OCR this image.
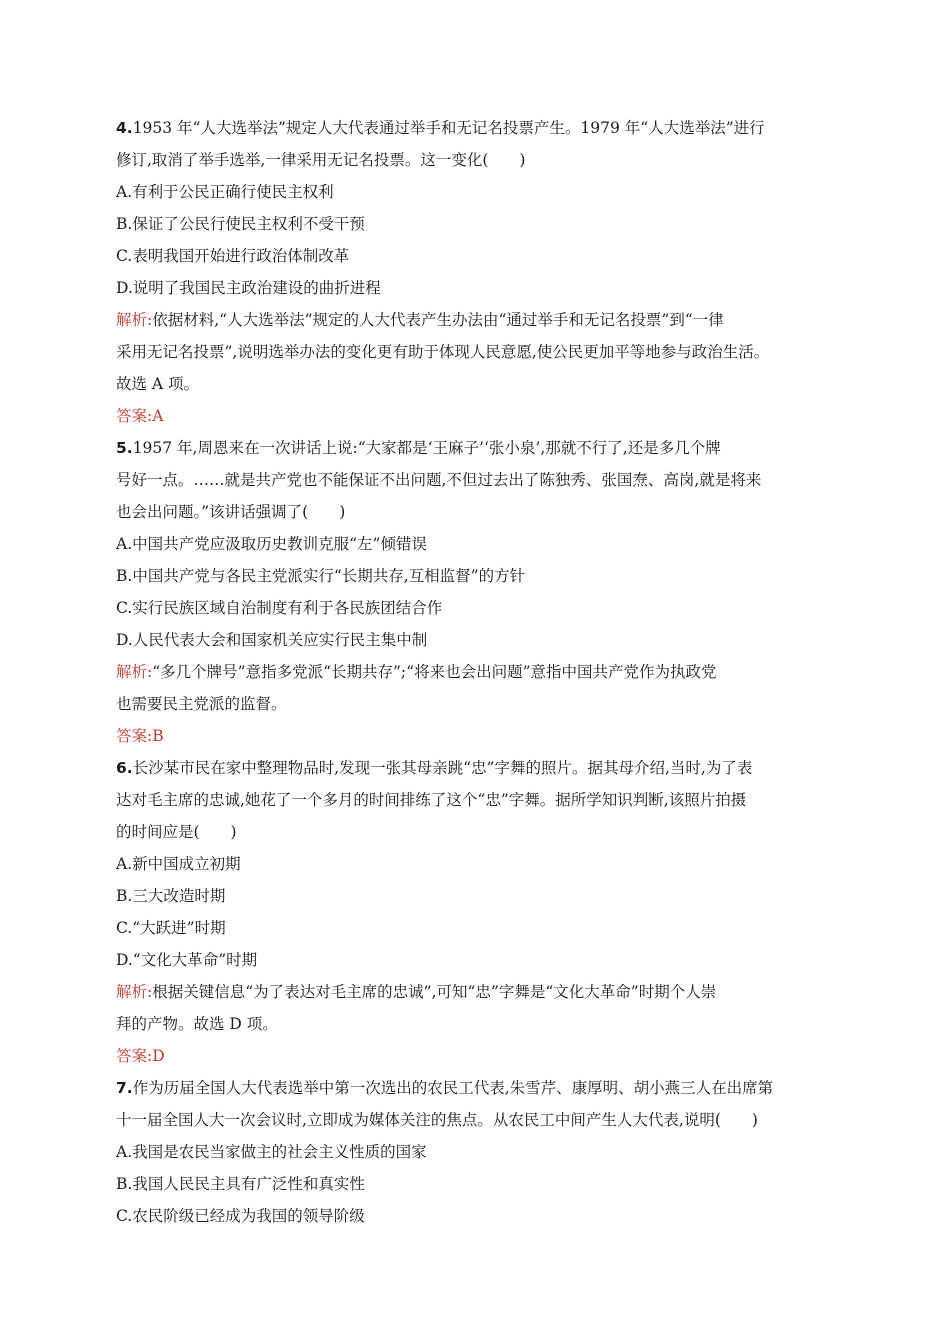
4.1953 年“人大选举法”规定人大代表通过举手和无记名投票产生。1979 年“人大选举法”进行
修订,取消了举手选举,一律采用无记名投票。这一变化(　　)
A.有利于公民正确行使民主权利
B.保证了公民行使民主权利不受干预
C.表明我国开始进行政治体制改革
D.说明了我国民主政治建设的曲折进程
解析:依据材料,“人大选举法”规定的人大代表产生办法由“通过举手和无记名投票”到“一律
采用无记名投票”,说明选举办法的变化更有助于体现人民意愿,使公民更加平等地参与政治生活。
故选 A 项。
答案:A
5.1957 年,周恩来在一次讲话上说:“大家都是‘王麻子’‘张小泉’,那就不行了,还是多几个牌
号好一点。……就是共产党也不能保证不出问题,不但过去出了陈独秀、张国焘、高岗,就是将来
也会出问题。”该讲话强调了(　　)
A.中国共产党应汲取历史教训克服“左”倾错误
B.中国共产党与各民主党派实行“长期共存,互相监督”的方针
C.实行民族区域自治制度有利于各民族团结合作
D.人民代表大会和国家机关应实行民主集中制
解析:“多几个牌号”意指多党派“长期共存”;“将来也会出问题”意指中国共产党作为执政党
也需要民主党派的监督。
答案:B
6.长沙某市民在家中整理物品时,发现一张其母亲跳“忠”字舞的照片。据其母介绍,当时,为了表
达对毛主席的忠诚,她花了一个多月的时间排练了这个“忠”字舞。据所学知识判断,该照片拍摄
的时间应是(　　)
A.新中国成立初期
B.三大改造时期
C.“大跃进”时期
D.“文化大革命”时期
解析:根据关键信息“为了表达对毛主席的忠诚”,可知“忠”字舞是“文化大革命”时期个人崇
拜的产物。故选 D 项。
答案:D
7.作为历届全国人大代表选举中第一次选出的农民工代表,朱雪芹、康厚明、胡小燕三人在出席第
十一届全国人大一次会议时,立即成为媒体关注的焦点。从农民工中间产生人大代表,说明(　　)
A.我国是农民当家做主的社会主义性质的国家
B.我国人民民主具有广泛性和真实性
C.农民阶级已经成为我国的领导阶级
